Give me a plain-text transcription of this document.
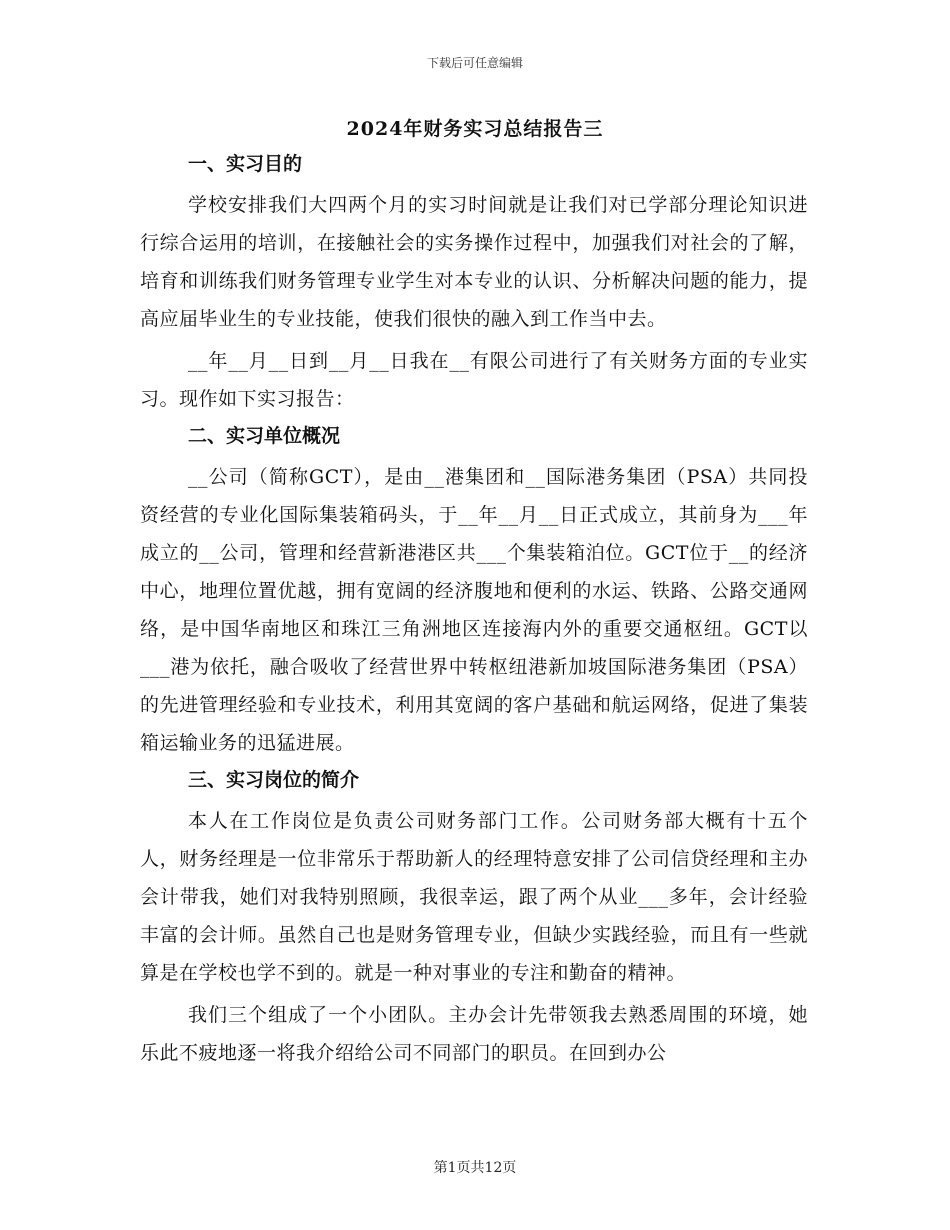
下载后可任意编辑
2024年财务实习总结报告三
一、实习目的

学校安排我们大四两个月的实习时间就是让我们对已学部分理论知识进行综合运用的培训，在接触社会的实务操作过程中，加强我们对社会的了解，培育和训练我们财务管理专业学生对本专业的认识、分析解决问题的能力，提高应届毕业生的专业技能，使我们很快的融入到工作当中去。

__年__月__日到__月__日我在__有限公司进行了有关财务方面的专业实习。现作如下实习报告：

二、实习单位概况

__公司（简称GCT），是由__港集团和__国际港务集团（PSA）共同投资经营的专业化国际集装箱码头，于__年__月__日正式成立，其前身为___年成立的__公司，管理和经营新港港区共___个集装箱泊位。GCT位于__的经济中心，地理位置优越，拥有宽阔的经济腹地和便利的水运、铁路、公路交通网络，是中国华南地区和珠江三角洲地区连接海内外的重要交通枢纽。GCT以___港为依托，融合吸收了经营世界中转枢纽港新加坡国际港务集团（PSA）的先进管理经验和专业技术，利用其宽阔的客户基础和航运网络，促进了集装箱运输业务的迅猛进展。

三、实习岗位的简介

本人在工作岗位是负责公司财务部门工作。公司财务部大概有十五个人，财务经理是一位非常乐于帮助新人的经理特意安排了公司信贷经理和主办会计带我，她们对我特别照顾，我很幸运，跟了两个从业___多年，会计经验丰富的会计师。虽然自己也是财务管理专业，但缺少实践经验，而且有一些就算是在学校也学不到的。就是一种对事业的专注和勤奋的精神。

我们三个组成了一个小团队。主办会计先带领我去熟悉周围的环境，她乐此不疲地逐一将我介绍给公司不同部门的职员。在回到办公

第1页共12页
